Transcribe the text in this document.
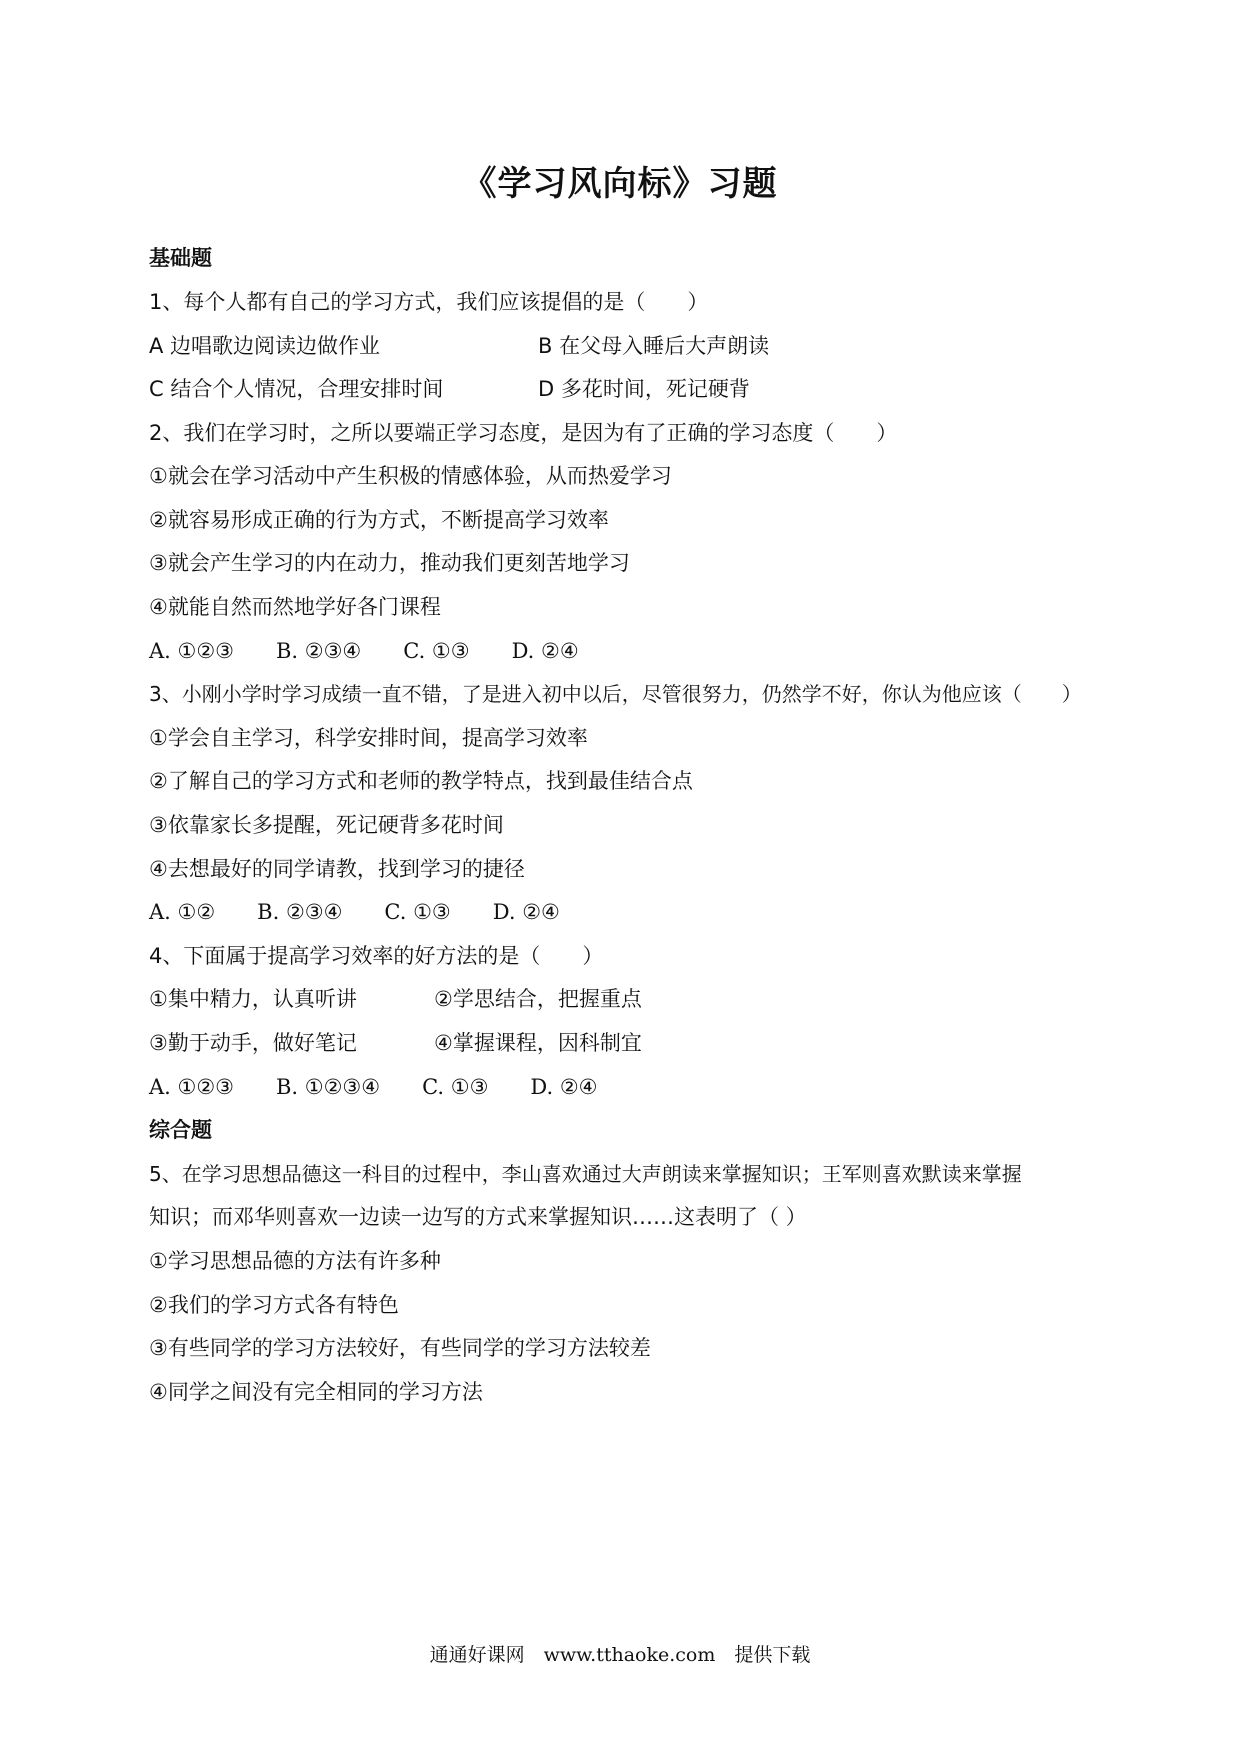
《学习风向标》习题
基础题
1、每个人都有自己的学习方式，我们应该提倡的是（　　）
A 边唱歌边阅读边做作业	B 在父母入睡后大声朗读
C 结合个人情况，合理安排时间	D 多花时间，死记硬背
2、我们在学习时，之所以要端正学习态度，是因为有了正确的学习态度（　　）
①就会在学习活动中产生积极的情感体验，从而热爱学习
②就容易形成正确的行为方式，不断提高学习效率
③就会产生学习的内在动力，推动我们更刻苦地学习
④就能自然而然地学好各门课程
A. ①②③　　B. ②③④　　C. ①③　　D. ②④
3、小刚小学时学习成绩一直不错，了是进入初中以后，尽管很努力，仍然学不好，你认为他应该（　　）
①学会自主学习，科学安排时间，提高学习效率
②了解自己的学习方式和老师的教学特点，找到最佳结合点
③依靠家长多提醒，死记硬背多花时间
④去想最好的同学请教，找到学习的捷径
A. ①②　　B. ②③④　　C. ①③　　D. ②④
4、下面属于提高学习效率的好方法的是（　　）
①集中精力，认真听讲	②学思结合，把握重点
③勤于动手，做好笔记	④掌握课程，因科制宜
A. ①②③　　B. ①②③④　　C. ①③　　D. ②④
综合题
5、在学习思想品德这一科目的过程中，李山喜欢通过大声朗读来掌握知识；王军则喜欢默读来掌握
知识；而邓华则喜欢一边读一边写的方式来掌握知识……这表明了（ ）
①学习思想品德的方法有许多种
②我们的学习方式各有特色
③有些同学的学习方法较好，有些同学的学习方法较差
④同学之间没有完全相同的学习方法
通通好课网　www.tthaoke.com　提供下载
